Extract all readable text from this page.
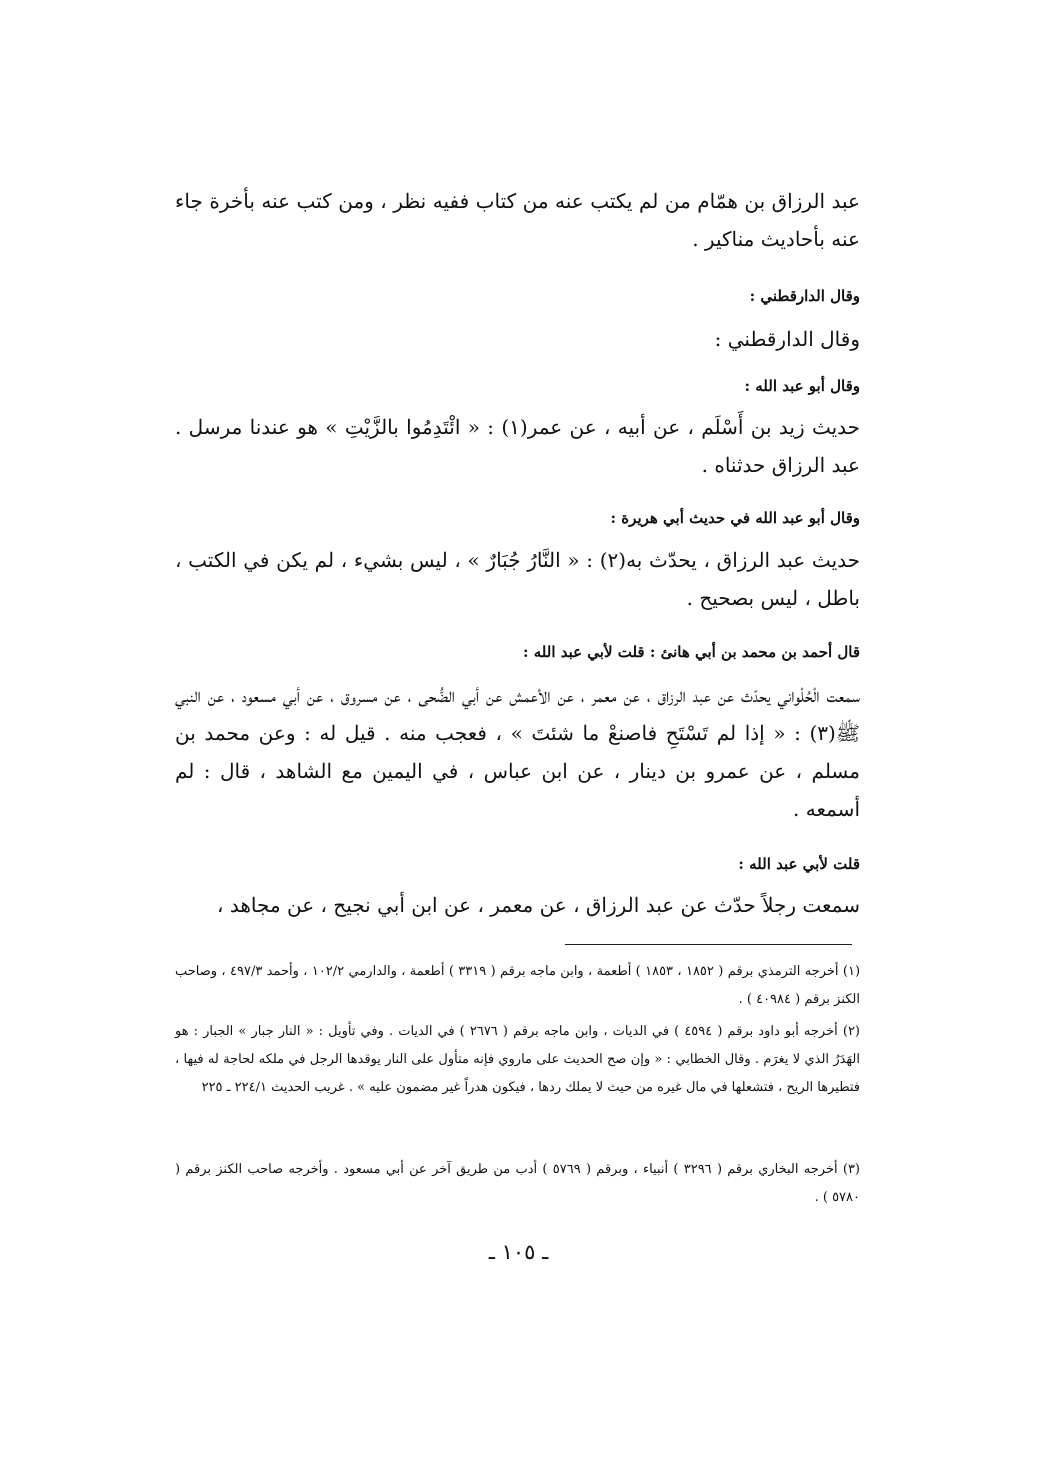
عبد الرزاق بن همّام من لم يكتب عنه من كتاب ففيه نظر ، ومن كتب عنه بأخرة جاء عنه بأحاديث مناكير .

وقال الدارقطني :

وقال الدارقطني :

وقال أبو عبد الله :

حديث زيد بن أَسْلَم ، عن أبيه ، عن عمر(١) : « ائْتَدِمُوا بالزَّيْتِ » هو عندنا مرسل . عبد الرزاق حدثناه .

وقال أبو عبد الله في حديث أبي هريرة :

حديث عبد الرزاق ، يحدّث به(٢) : « النَّارُ جُبَارٌ » ، ليس بشيء ، لم يكن في الكتب ، باطل ، ليس بصحيح .

قال أحمد بن محمد بن أبي هانئ : قلت لأبي عبد الله :

سمعت الْحُلْواني يحدّث عن عبد الرزاق ، عن معمر ، عن الأعمش عن أبي الضُّحى ، عن مسروق ، عن أبي مسعود ، عن النبي ﷺ(٣) : « إذا لم تَسْتَحِ فاصنعْ ما شئتَ » ، فعجب منه . قيل له : وعن محمد بن مسلم ، عن عمرو بن دينار ، عن ابن عباس ، في اليمين مع الشاهد ، قال : لم أسمعه .

قلت لأبي عبد الله :

سمعت رجلاً حدّث عن عبد الرزاق ، عن معمر ، عن ابن أبي نجيح ، عن مجاهد ،

(١) أخرجه الترمذي برقم ( ١٨٥٢ ، ١٨٥٣ ) أطعمة ، وابن ماجه برقم ( ٣٣١٩ ) أطعمة ، والدارمي ١٠٢/٢ ، وأحمد ٤٩٧/٣ ، وصاحب الكنز برقم ( ٤٠٩٨٤ ) .

(٢) أخرجه أبو داود برقم ( ٤٥٩٤ ) في الديات ، وابن ماجه برقم ( ٢٦٧٦ ) في الديات . وفي تأويل : « النار جبار » الجبار : هو الهَدَرُ الذي لا يغرَم . وقال الخطابي : « وإن صح الحديث على ماروي فإنه متأول على النار يوقدها الرجل في ملكه لحاجة له فيها ، فتطيرها الريح ، فتشعلها في مال غيره من حيث لا يملك ردها ، فيكون هدراً غير مضمون عليه » . غريب الحديث ٢٢٤/١ ـ ٢٢٥

(٣) أخرجه البخاري برقم ( ٣٢٩٦ ) أنبياء ، وبرقم ( ٥٧٦٩ ) أدب من طريق آخر عن أبي مسعود . وأخرجه صاحب الكنز برقم ( ٥٧٨٠ ) .

ـ ١٠٥ ـ
